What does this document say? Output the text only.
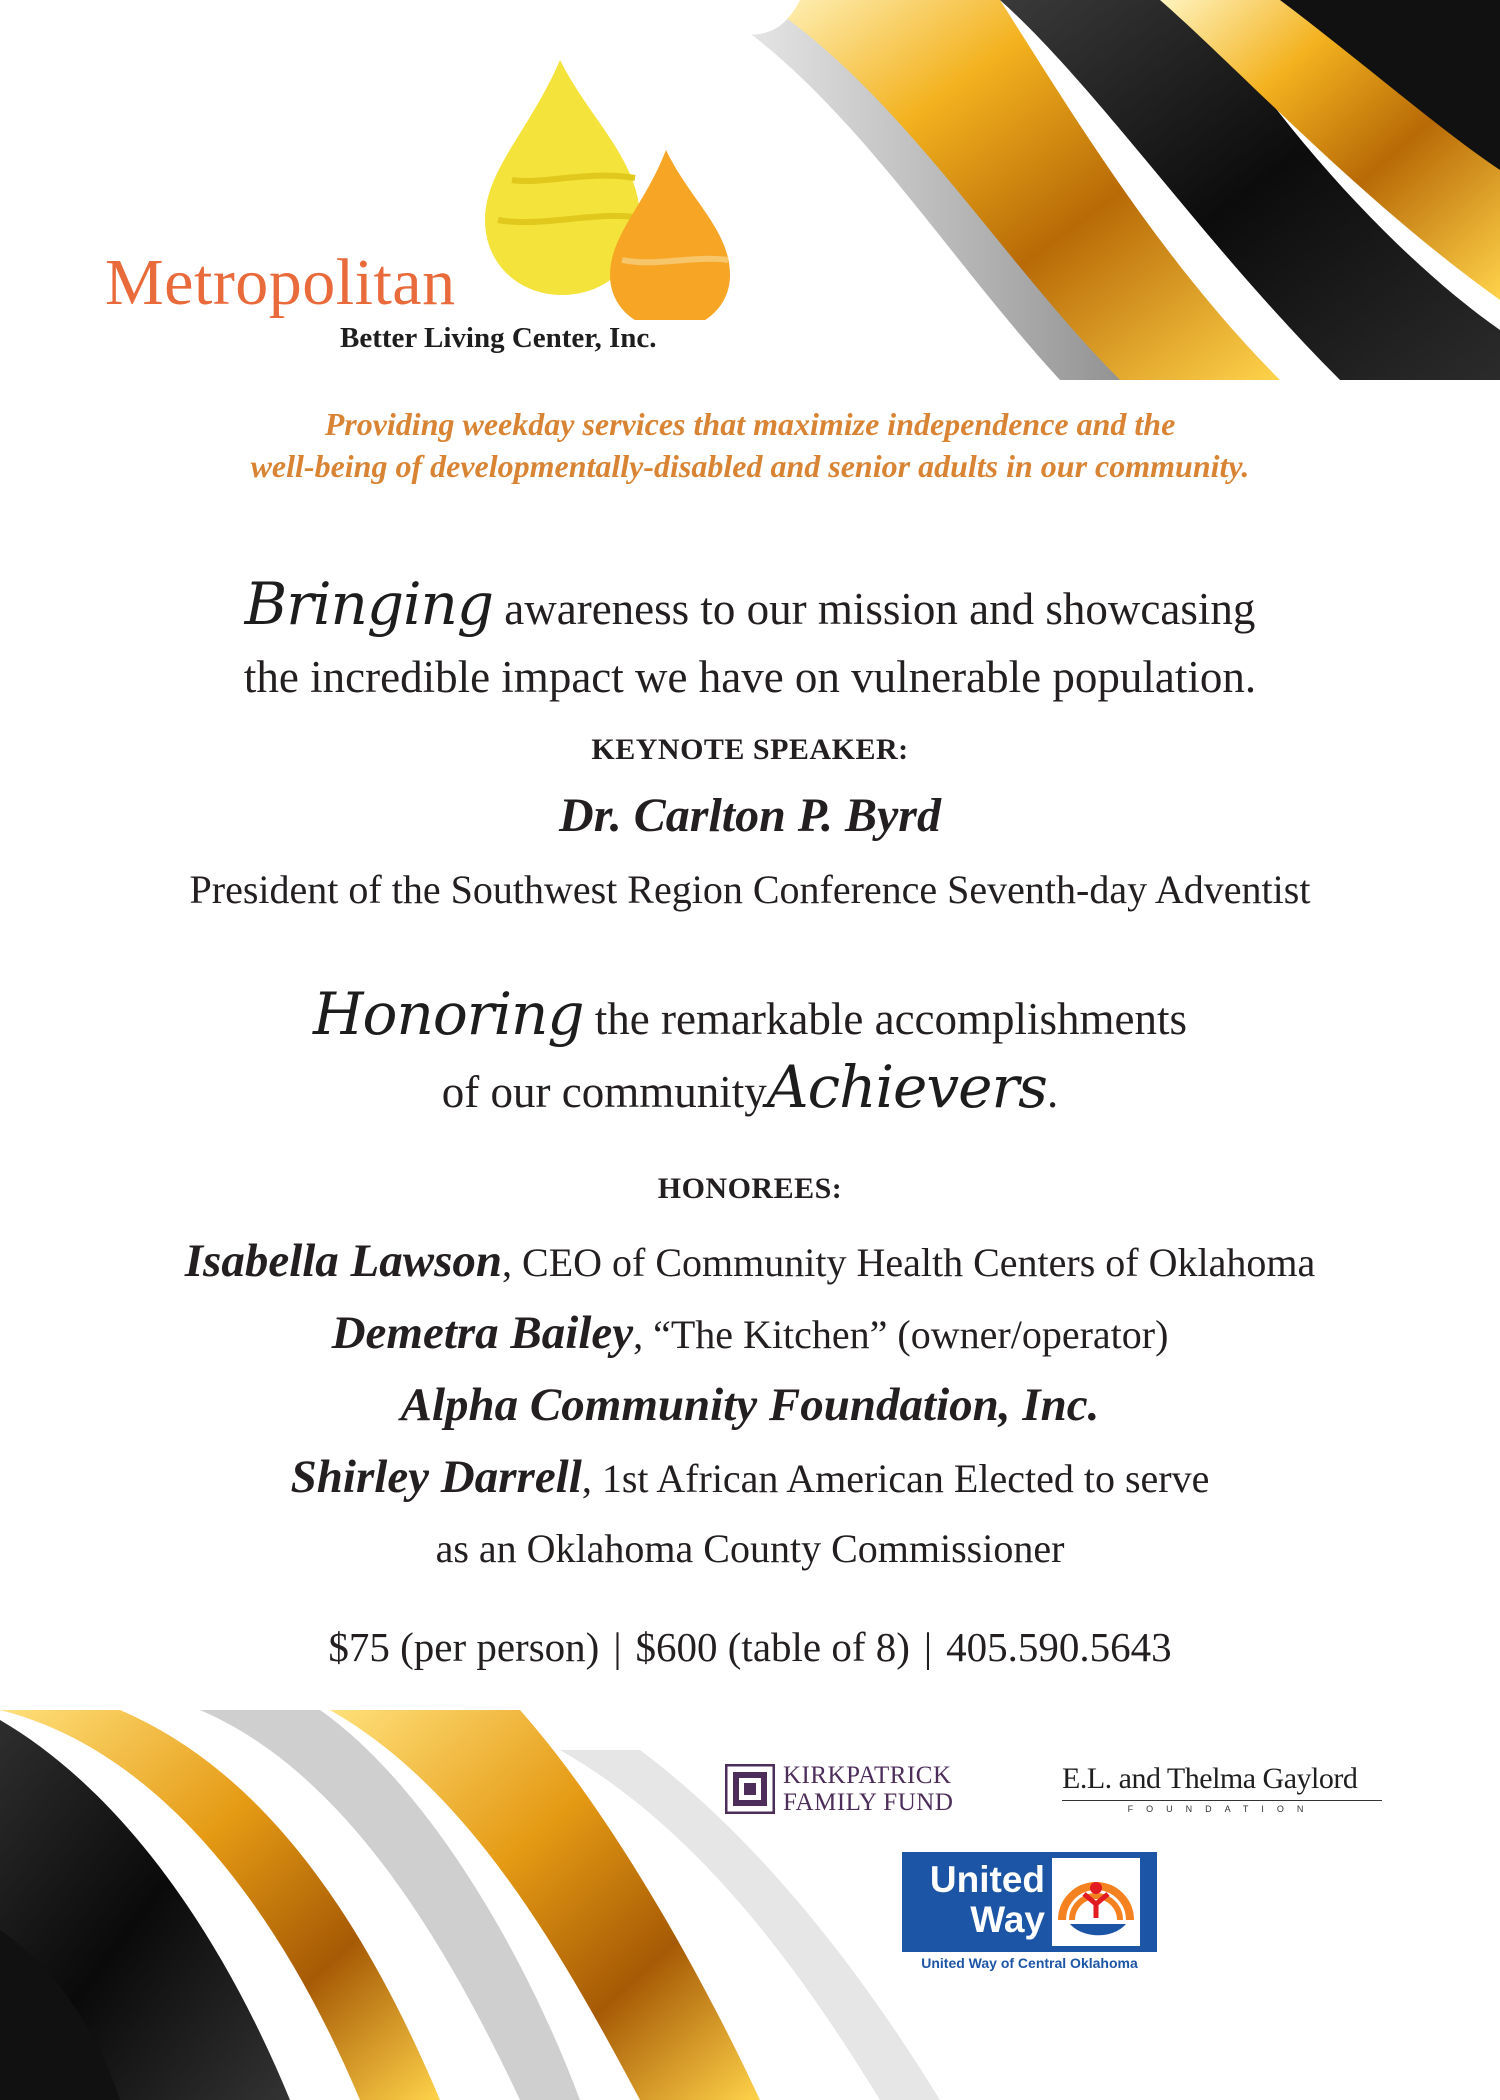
Metropolitan
Better Living Center, Inc.
Providing weekday services that maximize independence and the
well-being of developmentally-disabled and senior adults in our community.
Bringing awareness to our mission and showcasing
the incredible impact we have on vulnerable population.
KEYNOTE SPEAKER:
Dr. Carlton P. Byrd
President of the Southwest Region Conference Seventh-day Adventist
Honoring the remarkable accomplishments
of our communityAchievers.
HONOREES:
Isabella Lawson, CEO of Community Health Centers of Oklahoma
Demetra Bailey, “The Kitchen” (owner/operator)
Alpha Community Foundation, Inc.
Shirley Darrell, 1st African American Elected to serve
as an Oklahoma County Commissioner
$75 (per person) | $600 (table of 8) | 405.590.5643
KIRKPATRICK
FAMILY FUND
E.L. and Thelma Gaylord
FOUNDATION
United
Way
United Way of Central Oklahoma
